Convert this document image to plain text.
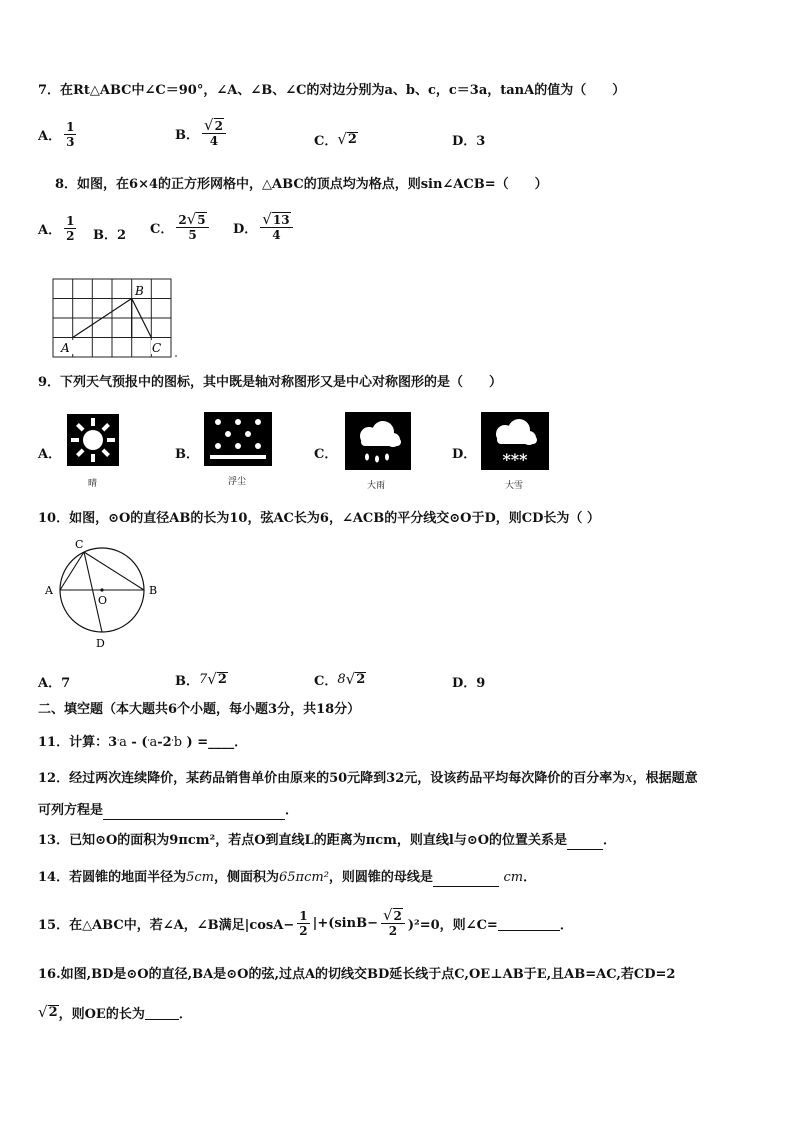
7．在Rt△ABC中∠C＝90°，∠A、∠B、∠C的对边分别为a、b、c，c＝3a，tanA的值为（　　）
A． $\frac{1}{3}$	B． $\frac{√ 2}{4}$	C． √ 2	D．3
8．如图，在6×4的正方形网格中，△ABC的顶点均为格点，则sin∠ACB=（　　）
A． $\frac{1}{2}$ B．2 C． $\frac{2 √ 5}{5}$ D． $\frac{√ 13}{4}$
A
B
C
9．下列天气预报中的图标，其中既是轴对称图形又是中心对称图形的是（　　）
A．
晴
B．
浮尘
C．
大雨
D． *‌*‌*
大雪
10．如图，⊙O的直径AB的长为10，弦AC长为6，∠ACB的平分线交⊙O于D，则CD长为（ ）
A	B
C
D
O
A．7	B． 7 √ 2	C． 8 √ 2	D．9
二、填空题（本大题共6个小题，每小题3分，共18分）
11．计算：$3^ˈa - (^ˈa-2^ˈb$ ) =____．
12．经过两次连续降价，某药品销售单价由原来的50元降到32元，设该药品平均每次降价的百分率为x，根据题意
可列方程是	．
13．已知⊙O的面积为9πcm²，若点O到直线L的距离为πcm，则直线l与⊙O的位置关系是	．
14．若圆锥的地面半径为5cm，侧面积为65πcm²，则圆锥的母线是	cm．
15．在△ABC中，若∠A，∠B满足$|\cos A- \frac{1}{2} |+(\sin B- \frac{√ 2}{2} )^2=0$，则∠C=	．
16.如图,BD是⊙O的直径,BA是⊙O的弦,过点A的切线交BD延长线于点C,OE⊥AB于E,且AB=AC,若CD=2
√ 2 ，则OE的长为	．
